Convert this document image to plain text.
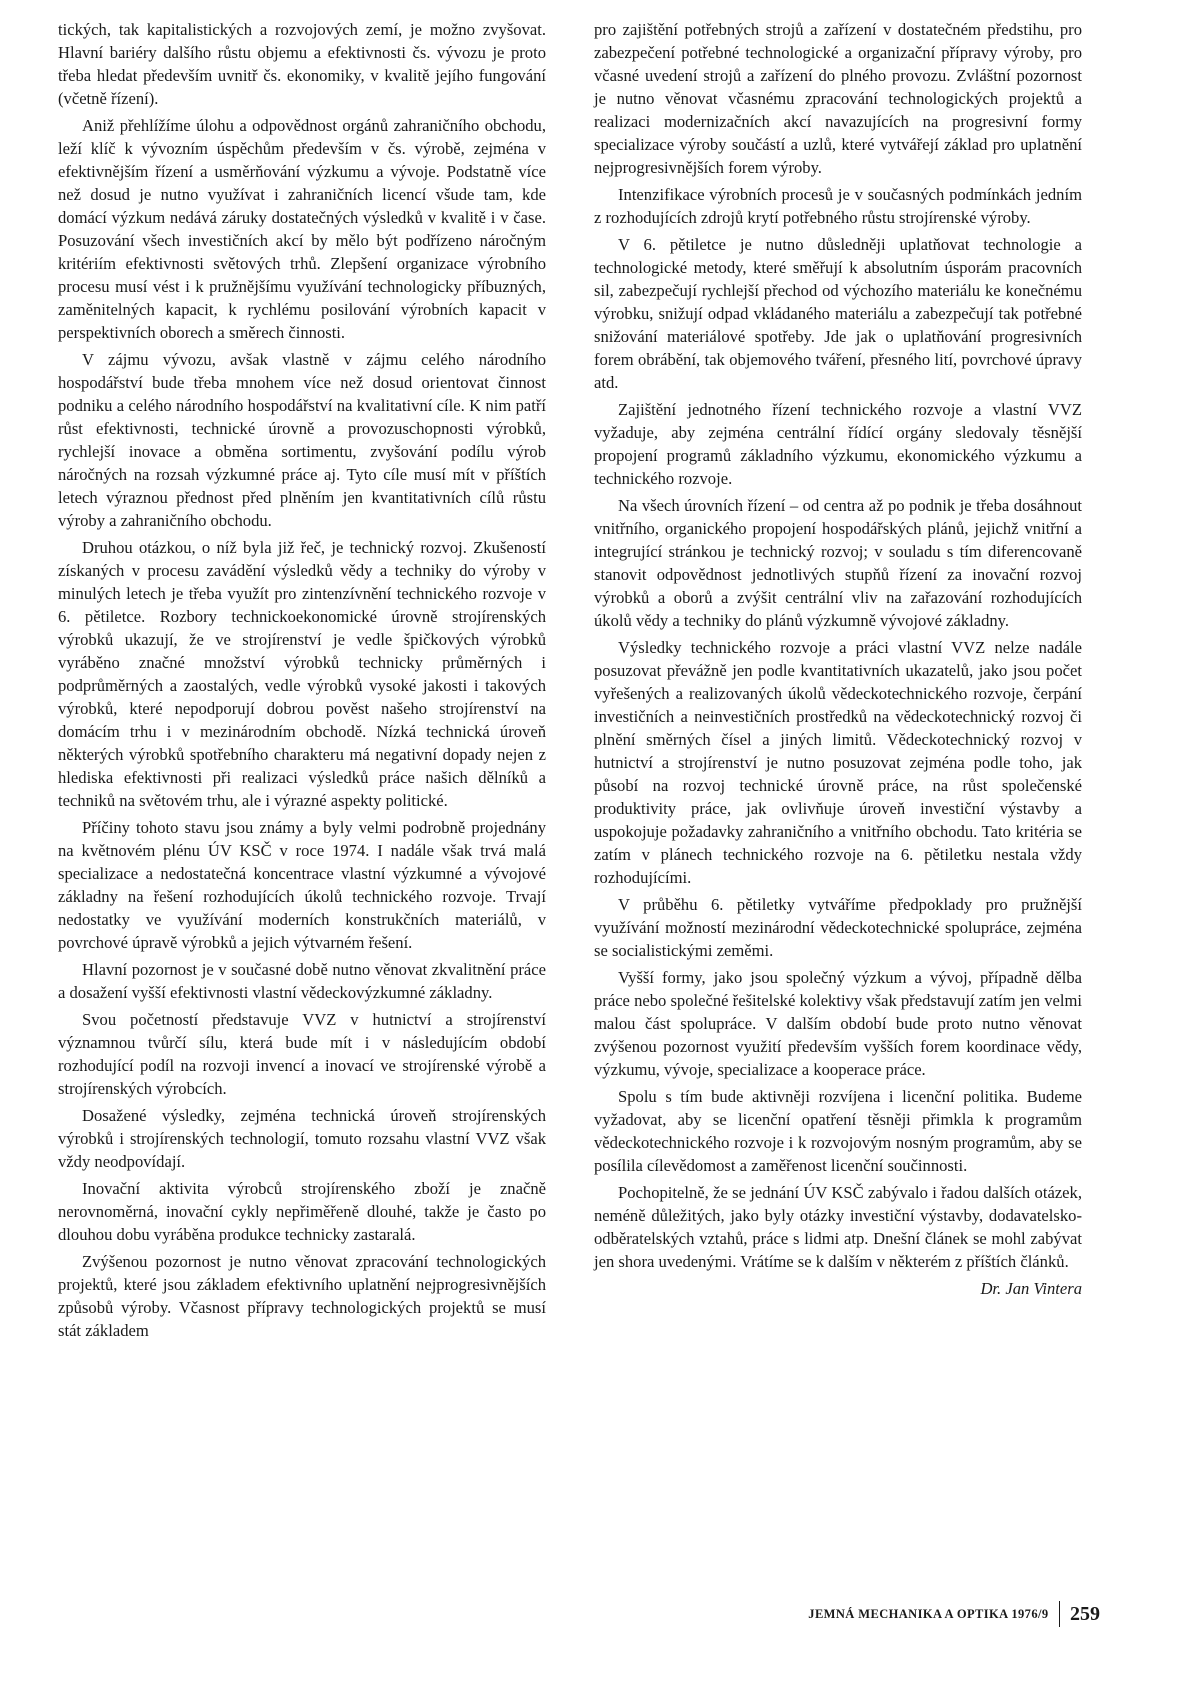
tických, tak kapitalistických a rozvojových zemí, je možno zvyšovat. Hlavní bariéry dalšího růstu objemu a efektivnosti čs. vývozu je proto třeba hledat především uvnitř čs. ekonomiky, v kvalitě jejího fungování (včetně řízení).

Aniž přehlížíme úlohu a odpovědnost orgánů zahraničního obchodu, leží klíč k vývozním úspěchům především v čs. výrobě, zejména v efektivnějším řízení a usměrňování výzkumu a vývoje. Podstatně více než dosud je nutno využívat i zahraničních licencí všude tam, kde domácí výzkum nedává záruky dostatečných výsledků v kvalitě i v čase. Posuzování všech investičních akcí by mělo být podřízeno náročným kritériím efektivnosti světových trhů. Zlepšení organizace výrobního procesu musí vést i k pružnějšímu využívání technologicky příbuzných, zaměnitelných kapacit, k rychlému posilování výrobních kapacit v perspektivních oborech a směrech činnosti.

V zájmu vývozu, avšak vlastně v zájmu celého národního hospodářství bude třeba mnohem více než dosud orientovat činnost podniku a celého národního hospodářství na kvalitativní cíle. K nim patří růst efektivnosti, technické úrovně a provozuschopnosti výrobků, rychlejší inovace a obměna sortimentu, zvyšování podílu výrob náročných na rozsah výzkumné práce aj. Tyto cíle musí mít v příštích letech výraznou přednost před plněním jen kvantitativních cílů růstu výroby a zahraničního obchodu.

Druhou otázkou, o níž byla již řeč, je technický rozvoj. Zkušeností získaných v procesu zavádění výsledků vědy a techniky do výroby v minulých letech je třeba využít pro zintenzívnění technického rozvoje v 6. pětiletce. Rozbory technickoekonomické úrovně strojírenských výrobků ukazují, že ve strojírenství je vedle špičkových výrobků vyráběno značné množství výrobků technicky průměrných i podprůměrných a zaostalých, vedle výrobků vysoké jakosti i takových výrobků, které nepodporují dobrou pověst našeho strojírenství na domácím trhu i v mezinárodním obchodě. Nízká technická úroveň některých výrobků spotřebního charakteru má negativní dopady nejen z hlediska efektivnosti při realizaci výsledků práce našich dělníků a techniků na světovém trhu, ale i výrazné aspekty politické.

Příčiny tohoto stavu jsou známy a byly velmi podrobně projednány na květnovém plénu ÚV KSČ v roce 1974. I nadále však trvá malá specializace a nedostatečná koncentrace vlastní výzkumné a vývojové základny na řešení rozhodujících úkolů technického rozvoje. Trvají nedostatky ve využívání moderních konstrukčních materiálů, v povrchové úpravě výrobků a jejich výtvarném řešení.

Hlavní pozornost je v současné době nutno věnovat zkvalitnění práce a dosažení vyšší efektivnosti vlastní vědeckovýzkumné základny.

Svou početností představuje VVZ v hutnictví a strojírenství významnou tvůrčí sílu, která bude mít i v následujícím období rozhodující podíl na rozvoji invencí a inovací ve strojírenské výrobě a strojírenských výrobcích.

Dosažené výsledky, zejména technická úroveň strojírenských výrobků i strojírenských technologií, tomuto rozsahu vlastní VVZ však vždy neodpovídají.

Inovační aktivita výrobců strojírenského zboží je značně nerovnoměrná, inovační cykly nepřiměřeně dlouhé, takže je často po dlouhou dobu vyráběna produkce technicky zastaralá.

Zvýšenou pozornost je nutno věnovat zpracování technologických projektů, které jsou základem efektivního uplatnění nejprogresivnějších způsobů výroby. Včasnost přípravy technologických projektů se musí stát základem

pro zajištění potřebných strojů a zařízení v dostatečném předstihu, pro zabezpečení potřebné technologické a organizační přípravy výroby, pro včasné uvedení strojů a zařízení do plného provozu. Zvláštní pozornost je nutno věnovat včasnému zpracování technologických projektů a realizaci modernizačních akcí navazujících na progresivní formy specializace výroby součástí a uzlů, které vytvářejí základ pro uplatnění nejprogresivnějších forem výroby.

Intenzifikace výrobních procesů je v současných podmínkách jedním z rozhodujících zdrojů krytí potřebného růstu strojírenské výroby.

V 6. pětiletce je nutno důsledněji uplatňovat technologie a technologické metody, které směřují k absolutním úsporám pracovních sil, zabezpečují rychlejší přechod od výchozího materiálu ke konečnému výrobku, snižují odpad vkládaného materiálu a zabezpečují tak potřebné snižování materiálové spotřeby. Jde jak o uplatňování progresivních forem obrábění, tak objemového tváření, přesného lití, povrchové úpravy atd.

Zajištění jednotného řízení technického rozvoje a vlastní VVZ vyžaduje, aby zejména centrální řídící orgány sledovaly těsnější propojení programů základního výzkumu, ekonomického výzkumu a technického rozvoje.

Na všech úrovních řízení – od centra až po podnik je třeba dosáhnout vnitřního, organického propojení hospodářských plánů, jejichž vnitřní a integrující stránkou je technický rozvoj; v souladu s tím diferencovaně stanovit odpovědnost jednotlivých stupňů řízení za inovační rozvoj výrobků a oborů a zvýšit centrální vliv na zařazování rozhodujících úkolů vědy a techniky do plánů výzkumně vývojové základny.

Výsledky technického rozvoje a práci vlastní VVZ nelze nadále posuzovat převážně jen podle kvantitativních ukazatelů, jako jsou počet vyřešených a realizovaných úkolů vědeckotechnického rozvoje, čerpání investičních a neinvestičních prostředků na vědeckotechnický rozvoj či plnění směrných čísel a jiných limitů. Vědeckotechnický rozvoj v hutnictví a strojírenství je nutno posuzovat zejména podle toho, jak působí na rozvoj technické úrovně práce, na růst společenské produktivity práce, jak ovlivňuje úroveň investiční výstavby a uspokojuje požadavky zahraničního a vnitřního obchodu. Tato kritéria se zatím v plánech technického rozvoje na 6. pětiletku nestala vždy rozhodujícími.

V průběhu 6. pětiletky vytváříme předpoklady pro pružnější využívání možností mezinárodní vědeckotechnické spolupráce, zejména se socialistickými zeměmi.

Vyšší formy, jako jsou společný výzkum a vývoj, případně dělba práce nebo společné řešitelské kolektivy však představují zatím jen velmi malou část spolupráce. V dalším období bude proto nutno věnovat zvýšenou pozornost využití především vyšších forem koordinace vědy, výzkumu, vývoje, specializace a kooperace práce.

Spolu s tím bude aktivněji rozvíjena i licenční politika. Budeme vyžadovat, aby se licenční opatření těsněji přimkla k programům vědeckotechnického rozvoje i k rozvojovým nosným programům, aby se posílila cílevědomost a zaměřenost licenční součinnosti.

Pochopitelně, že se jednání ÚV KSČ zabývalo i řadou dalších otázek, neméně důležitých, jako byly otázky investiční výstavby, dodavatelsko-odběratelských vztahů, práce s lidmi atp. Dnešní článek se mohl zabývat jen shora uvedenými. Vrátíme se k dalším v některém z příštích článků.

Dr. Jan Vintera

JEMNÁ MECHANIKA A OPTIKA 1976/9 259
